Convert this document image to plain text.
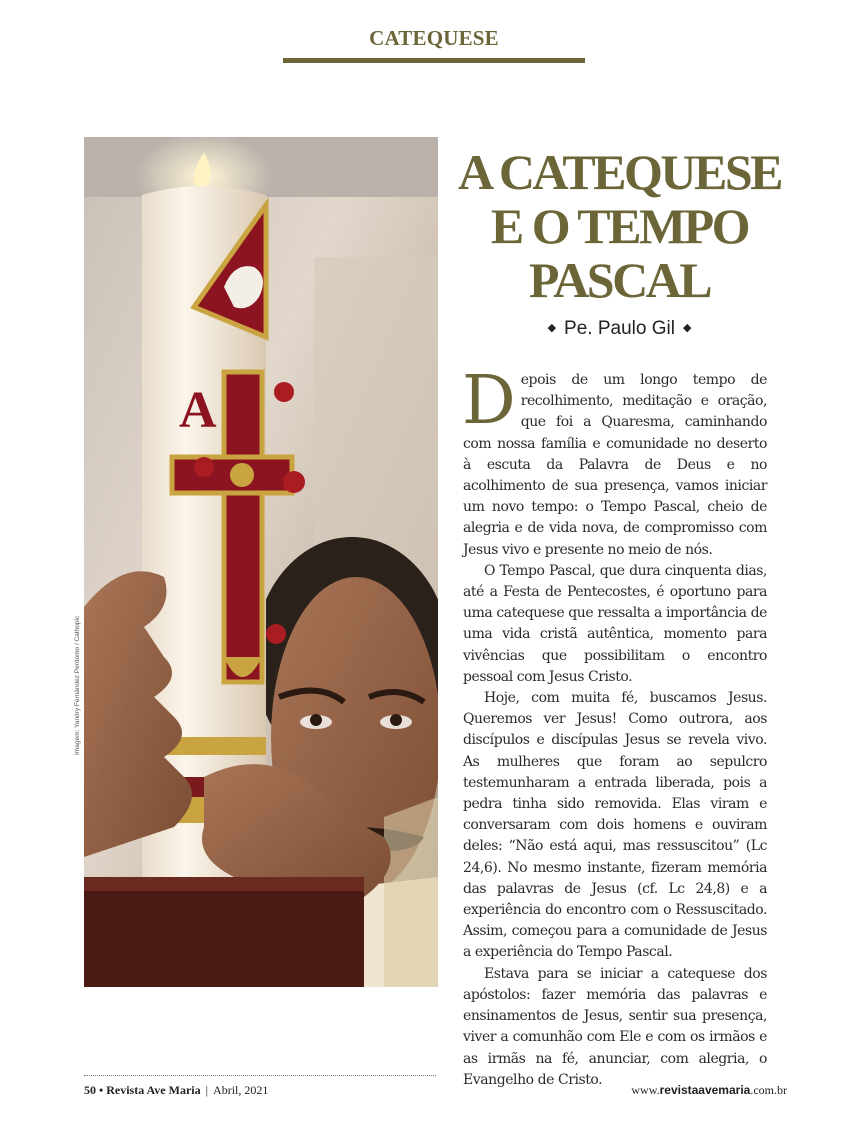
CATEQUESE
A
Imagem: Yandry Fernández Perdomo / Cathopic
A CATEQUESE
E O TEMPO
PASCAL
◆ Pe. Paulo Gil ◆

Depois de um longo tempo de recolhimento, meditação e oração, que foi a Quaresma, caminhando com nossa família e comunidade no deserto à escuta da Palavra de Deus e no acolhimento de sua presença, vamos iniciar um novo tempo: o Tempo Pascal, cheio de alegria e de vida nova, de compromisso com Jesus vivo e presente no meio de nós.

O Tempo Pascal, que dura cinquenta dias, até a Festa de Pentecostes, é oportuno para uma catequese que ressalta a importância de uma vida cristã autêntica, momento para vivências que possibilitam o encontro pessoal com Jesus Cristo.

Hoje, com muita fé, buscamos Jesus. Queremos ver Jesus! Como outrora, aos discípulos e discípulas Jesus se revela vivo. As mulheres que foram ao sepulcro testemunharam a entrada liberada, pois a pedra tinha sido removida. Elas viram e conversaram com dois homens e ouviram deles: “Não está aqui, mas ressuscitou” (Lc 24,6). No mesmo instante, fizeram memória das palavras de Jesus (cf. Lc 24,8) e a experiência do encontro com o Ressuscitado. Assim, começou para a comunidade de Jesus a experiência do Tempo Pascal.

Estava para se iniciar a catequese dos apóstolos: fazer memória das palavras e ensinamentos de Jesus, sentir sua presença, viver a comunhão com Ele e com os irmãos e as irmãs na fé, anunciar, com alegria, o Evangelho de Cristo.

50 • Revista Ave Maria | Abril, 2021	www.revistaavemaria.com.br
